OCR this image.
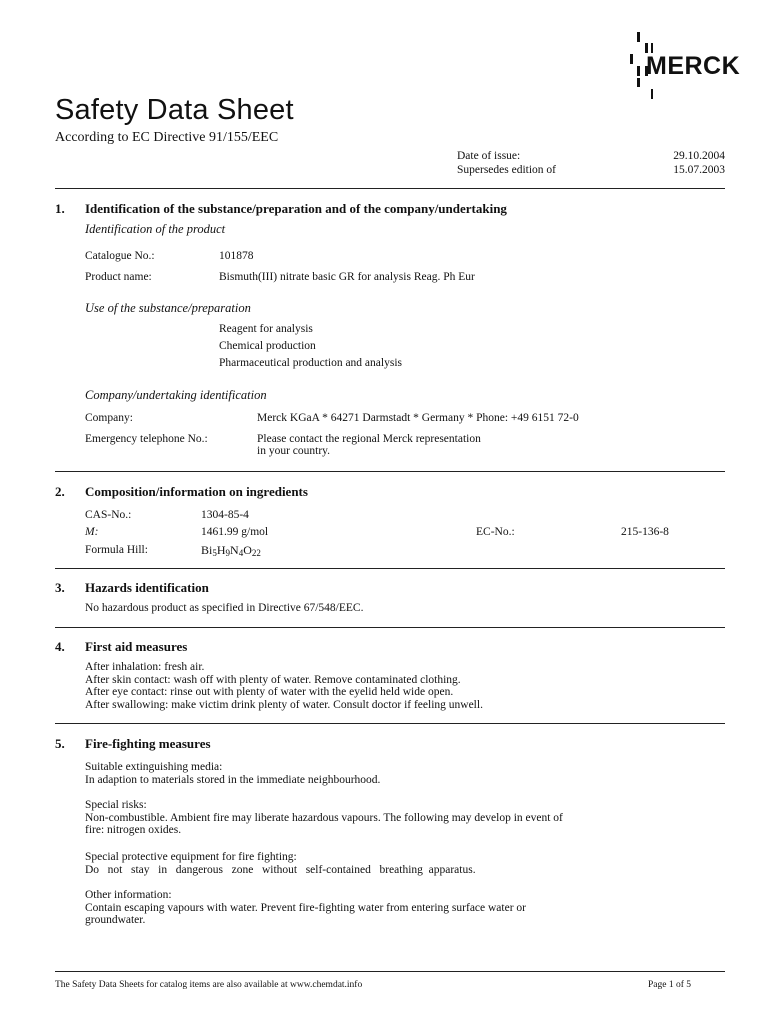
MERCK
Safety Data Sheet
According to EC Directive 91/155/EEC
Date of issue:	29.10.2004
Supersedes edition of	15.07.2003
1. Identification of the substance/preparation and of the company/undertaking
Identification of the product
Catalogue No.:	101878
Product name:	Bismuth(III) nitrate basic GR for analysis Reag. Ph Eur
Use of the substance/preparation
Reagent for analysis
Chemical production
Pharmaceutical production and analysis
Company/undertaking identification
Company:	Merck KGaA * 64271 Darmstadt * Germany * Phone: +49 6151 72-0
Emergency telephone No.:	Please contact the regional Merck representation
in your country.
2. Composition/information on ingredients
CAS-No.:	1304-85-4
M:	1461.99 g/mol	EC-No.:	215-136-8
Formula Hill:	$Bi_5H_9N_4O_{22}$
3. Hazards identification
No hazardous product as specified in Directive 67/548/EEC.
4. First aid measures
After inhalation: fresh air.
After skin contact: wash off with plenty of water. Remove contaminated clothing.
After eye contact: rinse out with plenty of water with the eyelid held wide open.
After swallowing: make victim drink plenty of water. Consult doctor if feeling unwell.
5. Fire-fighting measures
Suitable extinguishing media:
In adaption to materials stored in the immediate neighbourhood.
Special risks:
Non-combustible. Ambient fire may liberate hazardous vapours. The following may develop in event of
fire: nitrogen oxides.
Special protective equipment for fire fighting:
Do   not   stay   in   dangerous   zone   without   self-contained   breathing  apparatus.
Other information:
Contain escaping vapours with water. Prevent fire-fighting water from entering surface water or
groundwater.
The Safety Data Sheets for catalog items are also available at www.chemdat.info	Page 1 of 5
